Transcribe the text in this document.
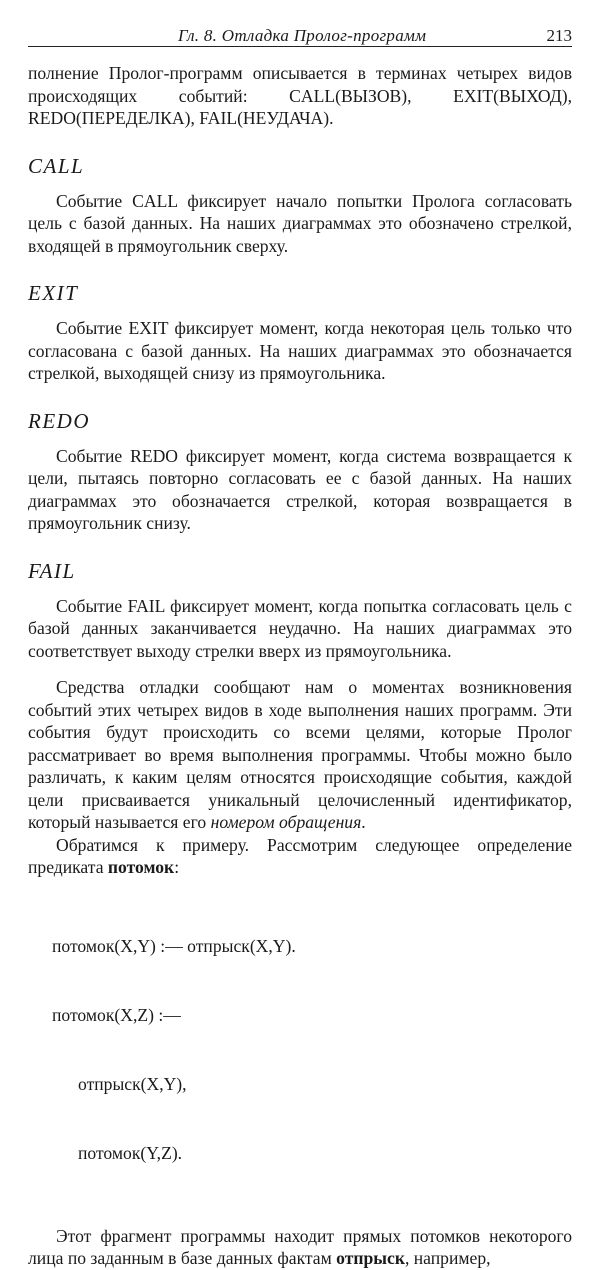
Гл. 8. Отладка Пролог-программ	213

полнение Пролог-программ описывается в терминах четырех видов происходящих событий: CALL(ВЫЗОВ), EXIT(ВЫХОД), REDO(ПЕРЕДЕЛКА), FAIL(НЕУДАЧА).

CALL

Событие CALL фиксирует начало попытки Пролога согласовать цель с базой данных. На наших диаграммах это обозначено стрелкой, входящей в прямоугольник сверху.

EXIT

Событие EXIT фиксирует момент, когда некоторая цель только что согласована с базой данных. На наших диаграммах это обозначается стрелкой, выходящей снизу из прямоугольника.

REDO

Событие REDO фиксирует момент, когда система возвращается к цели, пытаясь повторно согласовать ее с базой данных. На наших диаграммах это обозначается стрелкой, которая возвращается в прямоугольник снизу.

FAIL

Событие FAIL фиксирует момент, когда попытка согласовать цель с базой данных заканчивается неудачно. На наших диаграммах это соответствует выходу стрелки вверх из прямоугольника.

Средства отладки сообщают нам о моментах возникновения событий этих четырех видов в ходе выполнения наших программ. Эти события будут происходить со всеми целями, которые Пролог рассматривает во время выполнения программы. Чтобы можно было различать, к каким целям относятся происходящие события, каждой цели присваивается уникальный целочисленный идентификатор, который называется его номером обращения.

Обратимся к примеру. Рассмотрим следующее определение предиката потомок:

потомок(X,Y) :— отпрыск(X,Y).

потомок(X,Z) :—

отпрыск(X,Y),

потомок(Y,Z).

Этот фрагмент программы находит прямых потомков некоторого лица по заданным в базе данных фактам отпрыск, например,
